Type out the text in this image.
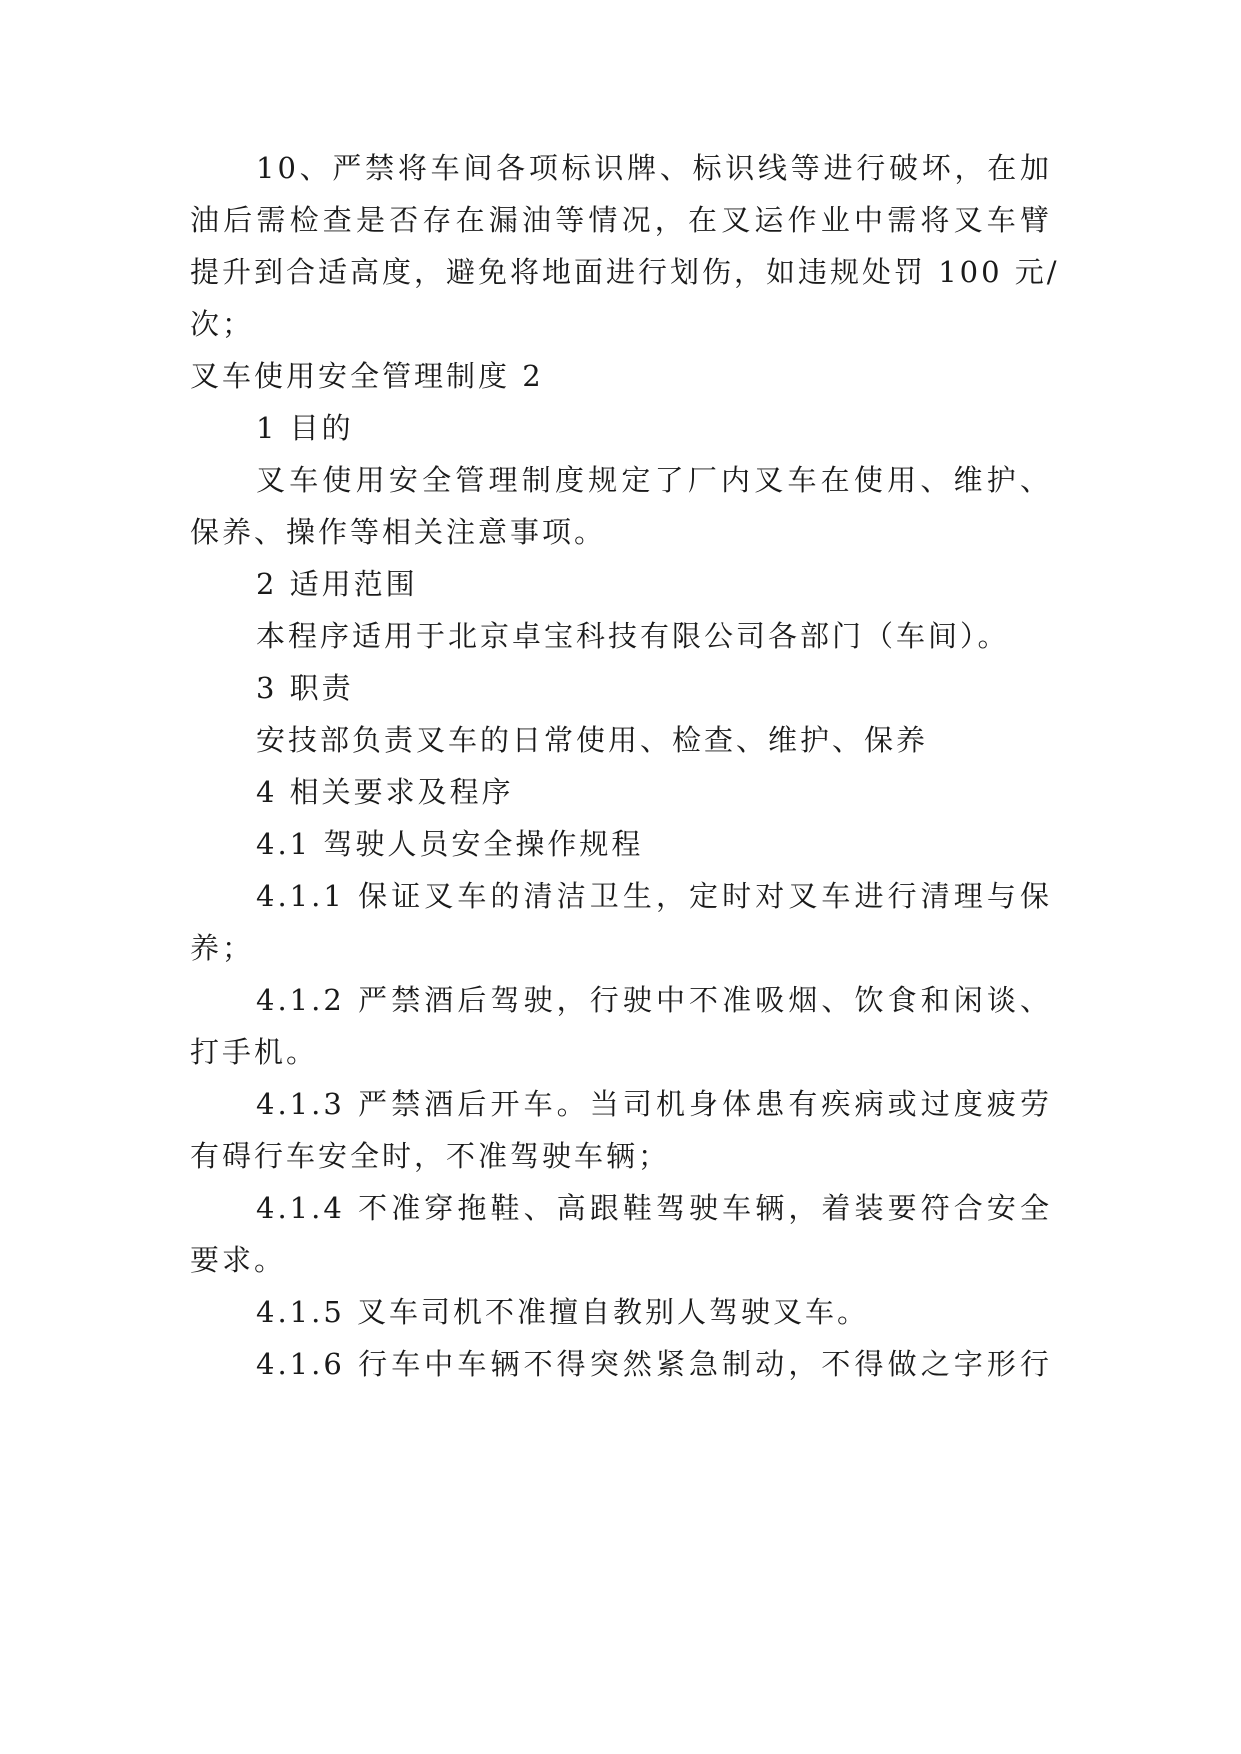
10、严禁将车间各项标识牌、标识线等进行破坏，在加

油后需检查是否存在漏油等情况，在叉运作业中需将叉车臂

提升到合适高度，避免将地面进行划伤，如违规处罚 100 元/

次；

叉车使用安全管理制度 2

1 目的

叉车使用安全管理制度规定了厂内叉车在使用、维护、

保养、操作等相关注意事项。

2 适用范围

本程序适用于北京卓宝科技有限公司各部门（车间）。

3 职责

安技部负责叉车的日常使用、检查、维护、保养

4 相关要求及程序

4.1 驾驶人员安全操作规程

4.1.1 保证叉车的清洁卫生，定时对叉车进行清理与保

养；

4.1.2 严禁酒后驾驶，行驶中不准吸烟、饮食和闲谈、

打手机。

4.1.3 严禁酒后开车。当司机身体患有疾病或过度疲劳

有碍行车安全时，不准驾驶车辆；

4.1.4 不准穿拖鞋、高跟鞋驾驶车辆，着装要符合安全

要求。

4.1.5 叉车司机不准擅自教别人驾驶叉车。

4.1.6 行车中车辆不得突然紧急制动，不得做之字形行
